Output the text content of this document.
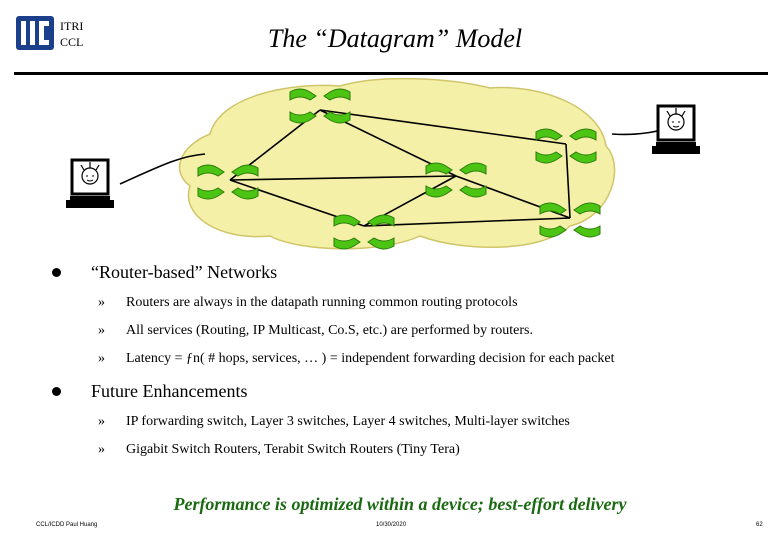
ITRI
CCL	The “Datagram” Model
“Router-based” Networks
»	Routers are always in the datapath running common routing protocols
»	All services (Routing, IP Multicast, Co.S, etc.) are performed by routers.
»	Latency = ƒn( # hops, services, … ) = independent forwarding decision for each packet
Future Enhancements
»	IP forwarding switch, Layer 3 switches, Layer 4 switches, Multi-layer switches
»	Gigabit Switch Routers, Terabit Switch Routers (Tiny Tera)
Performance is optimized within a device; best-effort delivery
CCL/ICDD Paul Huang	10/30/2020	62
